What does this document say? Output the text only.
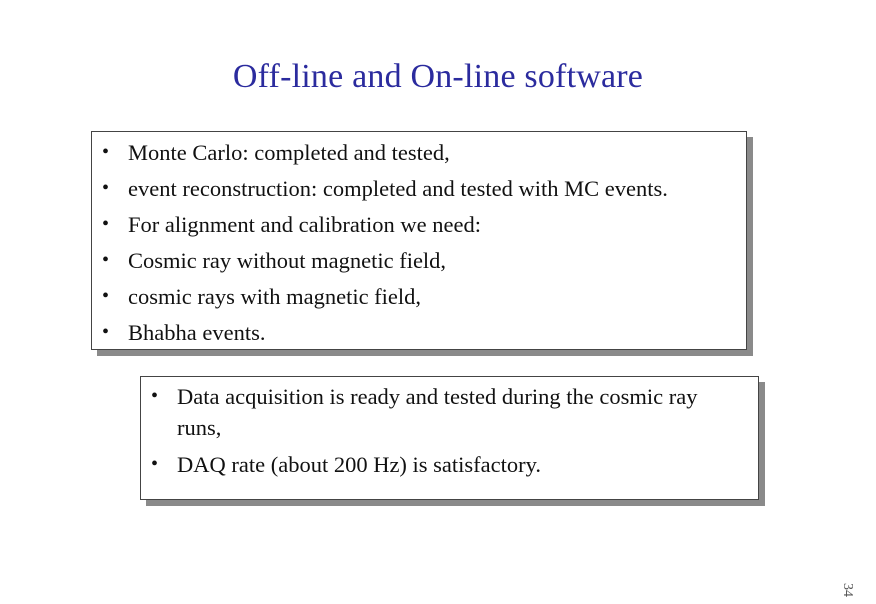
Off-line and On-line software
• Monte Carlo: completed and tested,
• event reconstruction: completed and tested with MC events.
• For alignment and calibration we need:
• Cosmic ray without magnetic field,
• cosmic rays with magnetic field,
• Bhabha events.
• Data acquisition is ready and tested during the cosmic ray runs,
• DAQ rate (about 200 Hz) is satisfactory.
34
